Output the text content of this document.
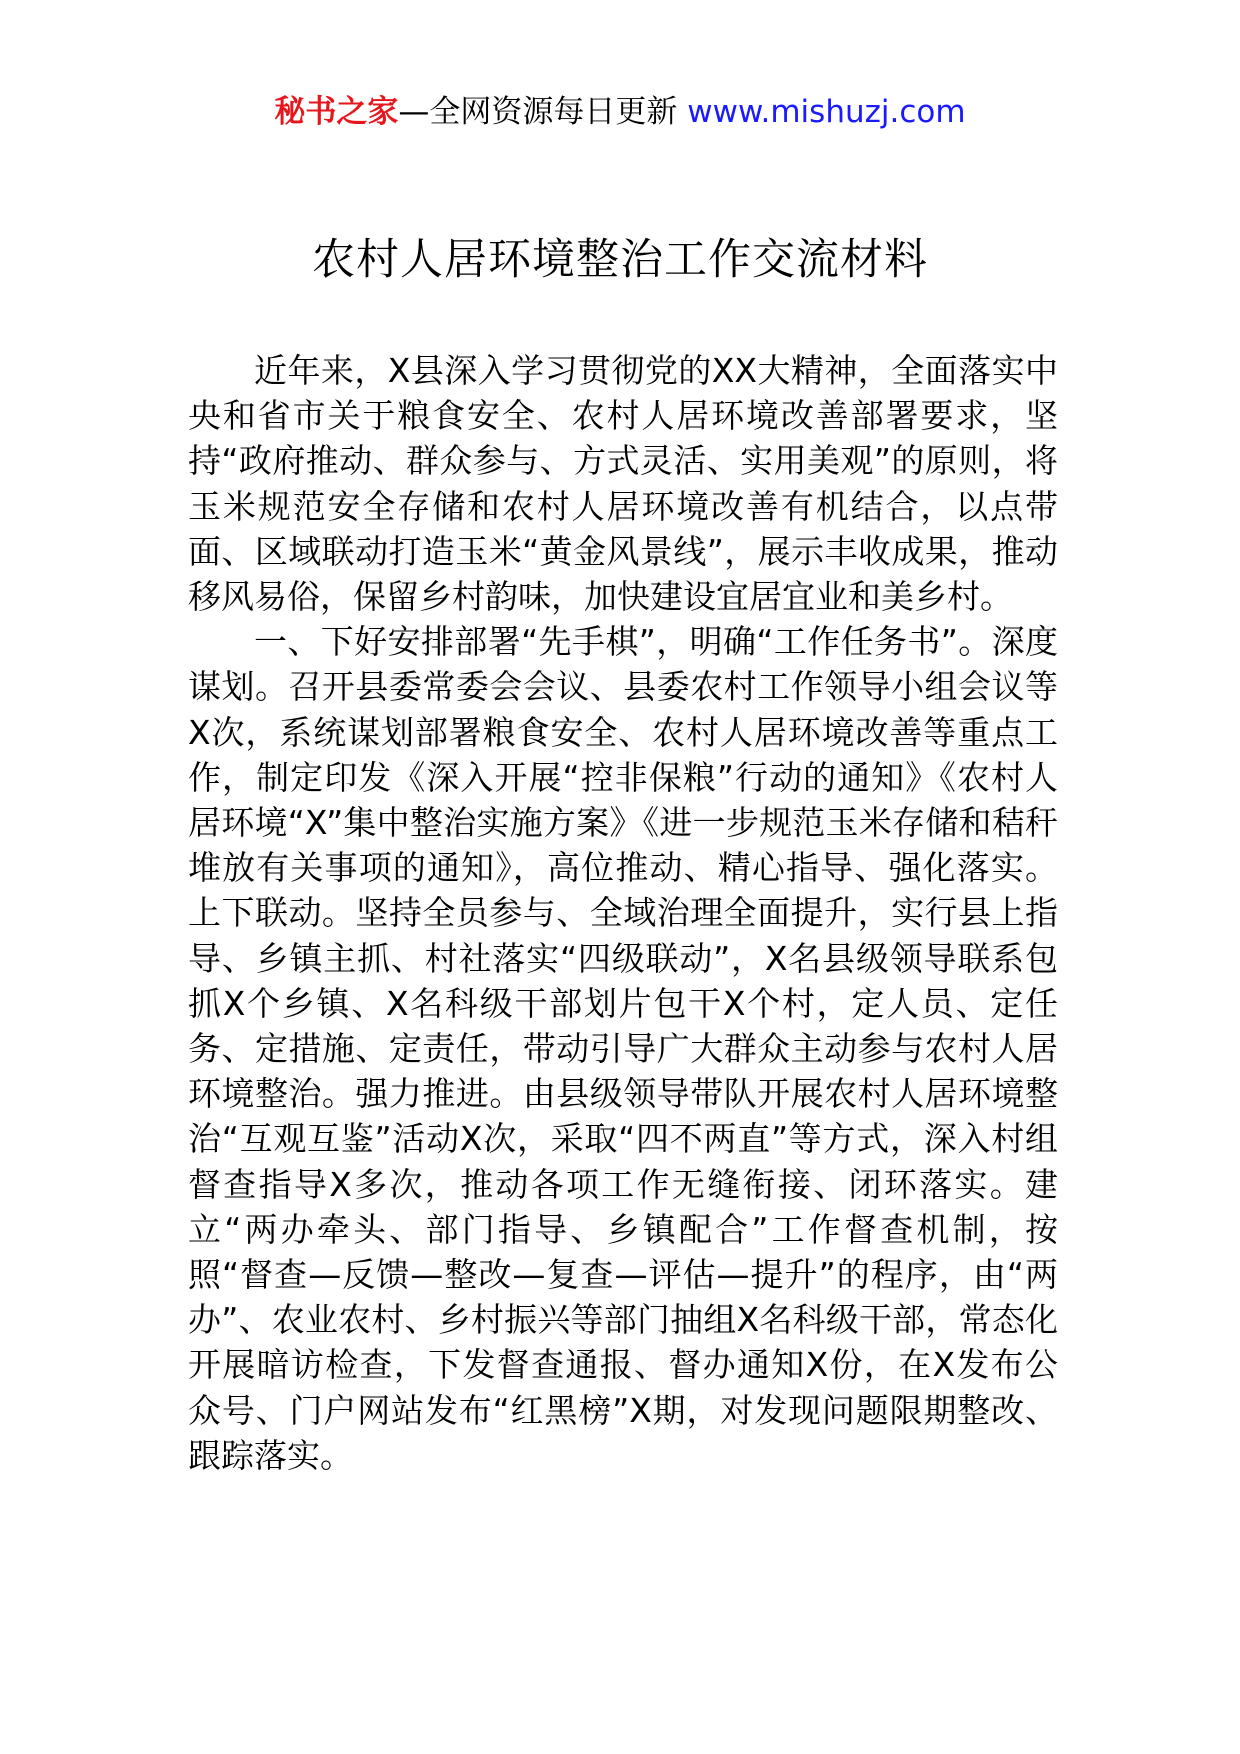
秘书之家—全网资源每日更新 www.mishuzj.com
农村人居环境整治工作交流材料

近年来，X县深入学习贯彻党的XX大精神，全面落实中央和省市关于粮食安全、农村人居环境改善部署要求，坚持“政府推动、群众参与、方式灵活、实用美观”的原则，将玉米规范安全存储和农村人居环境改善有机结合，以点带面、区域联动打造玉米“黄金风景线”，展示丰收成果，推动移风易俗，保留乡村韵味，加快建设宜居宜业和美乡村。

一、下好安排部署“先手棋”，明确“工作任务书”。深度谋划。召开县委常委会会议、县委农村工作领导小组会议等X次，系统谋划部署粮食安全、农村人居环境改善等重点工作，制定印发《深入开展“控非保粮”行动的通知》《农村人居环境“X”集中整治实施方案》《进一步规范玉米存储和秸秆堆放有关事项的通知》，高位推动、精心指导、强化落实。上下联动。坚持全员参与、全域治理全面提升，实行县上指导、乡镇主抓、村社落实“四级联动”，X名县级领导联系包抓X个乡镇、X名科级干部划片包干X个村，定人员、定任务、定措施、定责任，带动引导广大群众主动参与农村人居环境整治。强力推进。由县级领导带队开展农村人居环境整治“互观互鉴”活动X次，采取“四不两直”等方式，深入村组督查指导X多次，推动各项工作无缝衔接、闭环落实。建立“两办牵头、部门指导、乡镇配合”工作督查机制，按照“督查—反馈—整改—复查—评估—提升”的程序，由“两办”、农业农村、乡村振兴等部门抽组X名科级干部，常态化开展暗访检查，下发督查通报、督办通知X份，在X发布公众号、门户网站发布“红黑榜”X期，对发现问题限期整改、跟踪落实。
